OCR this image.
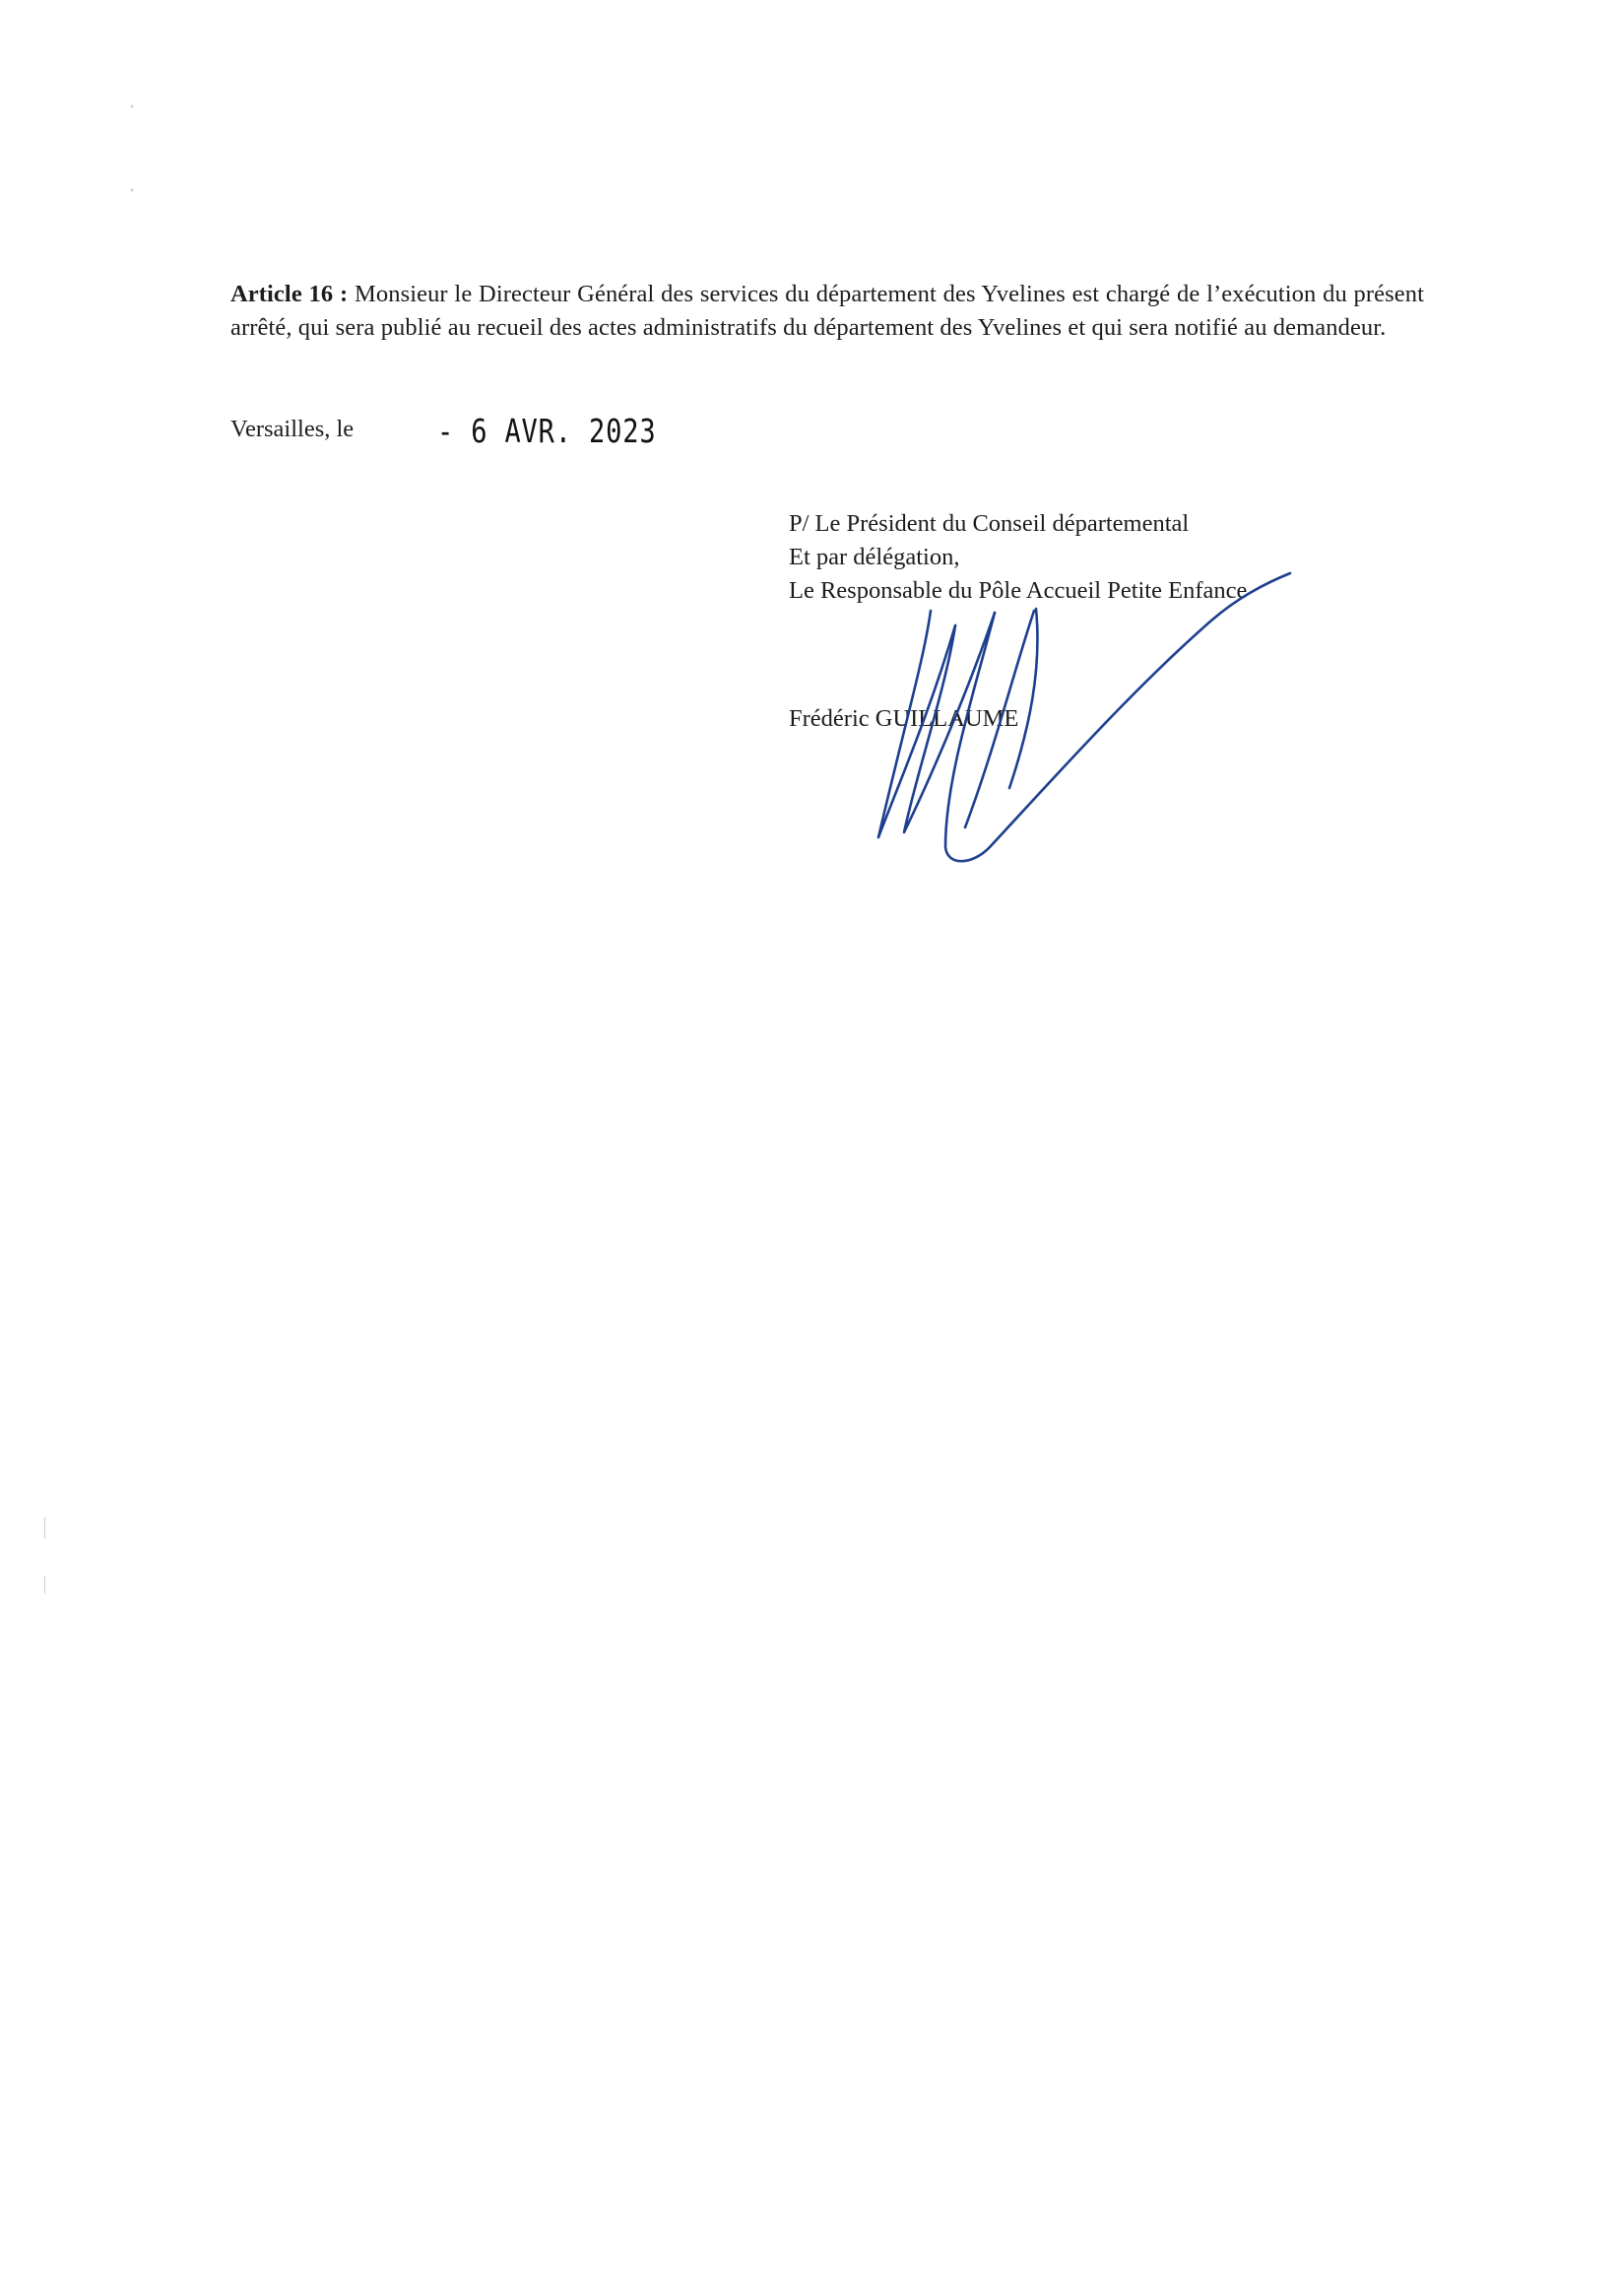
Article 16 : Monsieur le Directeur Général des services du département des Yvelines est chargé de l’exécution du présent arrêté, qui sera publié au recueil des actes administratifs du département des Yvelines et qui sera notifié au demandeur.

Versailles, le	- 6 AVR. 2023

P/ Le Président du Conseil départemental

Et par délégation,

Le Responsable du Pôle Accueil Petite Enfance

Frédéric GUILLAUME
